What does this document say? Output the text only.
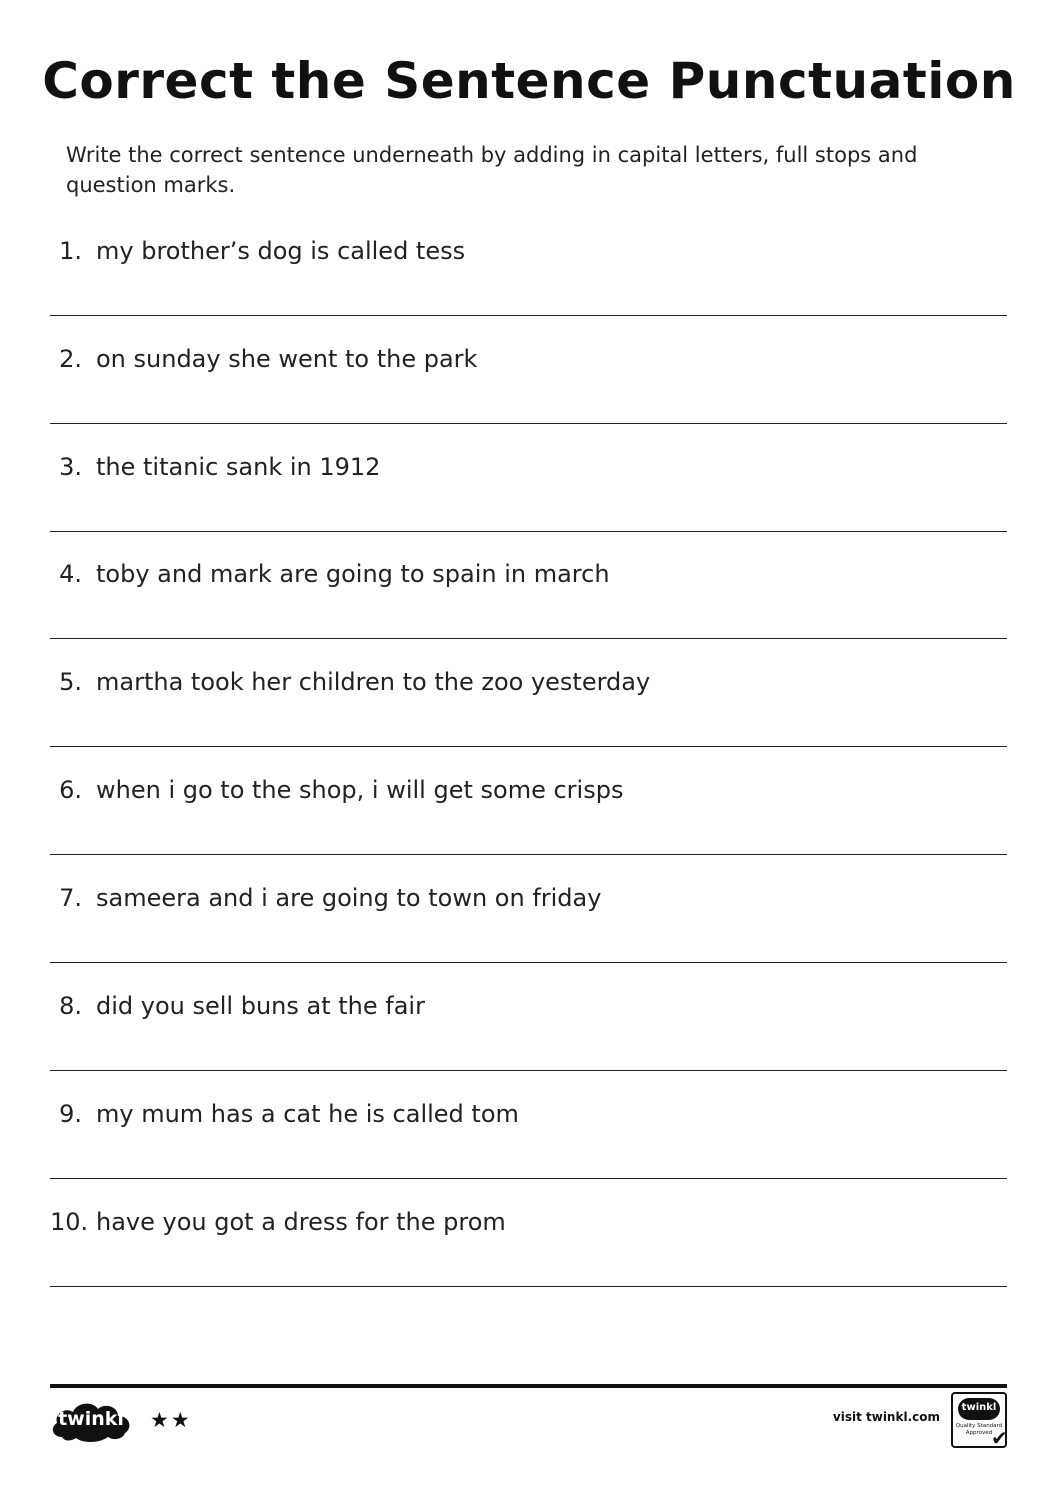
Correct the Sentence Punctuation
Write the correct sentence underneath by adding in capital letters, full stops and question marks.
1. my brother’s dog is called tess
2. on sunday she went to the park
3. the titanic sank in 1912
4. toby and mark are going to spain in march
5. martha took her children to the zoo yesterday
6. when i go to the shop, i will get some crisps
7. sameera and i are going to town on friday
8. did you sell buns at the fair
9. my mum has a cat he is called tom
10. have you got a dress for the prom
twinkl	★★	visit twinkl.com
twinkl
Quality Standard Approved
✔
